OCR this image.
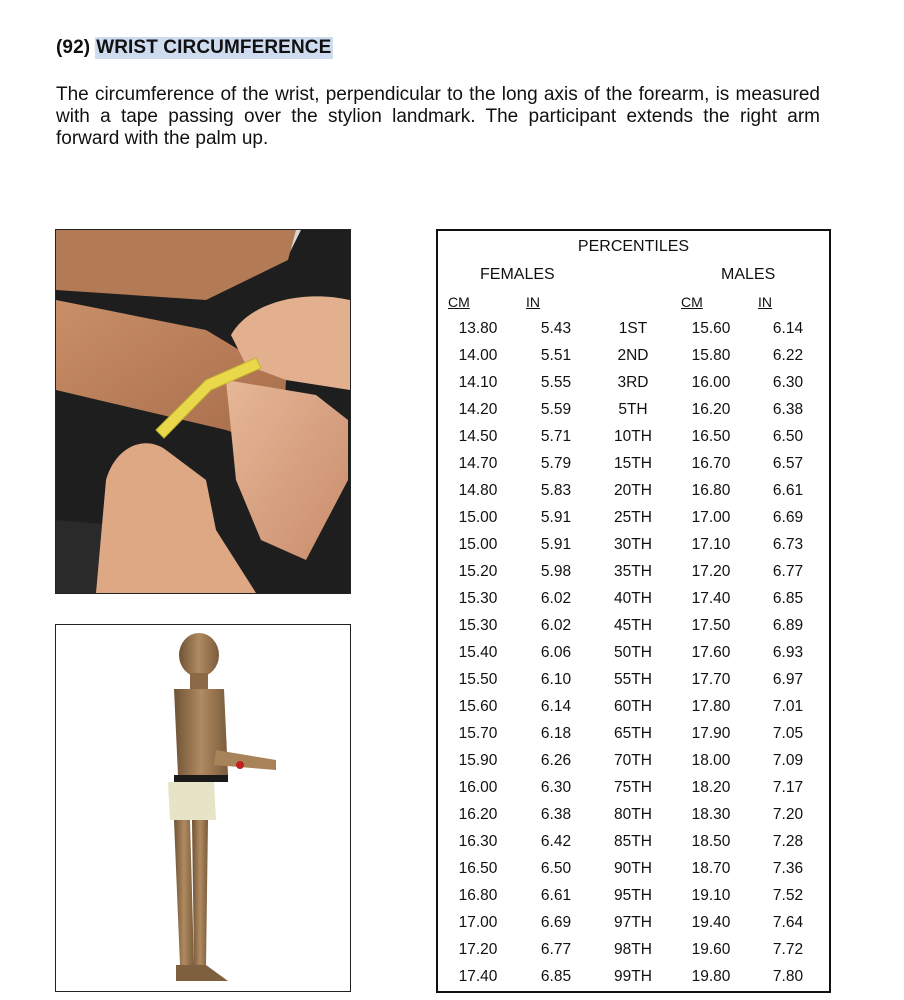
(92) WRIST CIRCUMFERENCE
The circumference of the wrist, perpendicular to the long axis of the forearm, is measured with a tape passing over the stylion landmark. The participant extends the right arm forward with the palm up.
PERCENTILES
FEMALES	MALES
CM	IN	CM	IN
13.80	5.43	1ST	15.60	6.14
14.00	5.51	2ND	15.80	6.22
14.10	5.55	3RD	16.00	6.30
14.20	5.59	5TH	16.20	6.38
14.50	5.71	10TH	16.50	6.50
14.70	5.79	15TH	16.70	6.57
14.80	5.83	20TH	16.80	6.61
15.00	5.91	25TH	17.00	6.69
15.00	5.91	30TH	17.10	6.73
15.20	5.98	35TH	17.20	6.77
15.30	6.02	40TH	17.40	6.85
15.30	6.02	45TH	17.50	6.89
15.40	6.06	50TH	17.60	6.93
15.50	6.10	55TH	17.70	6.97
15.60	6.14	60TH	17.80	7.01
15.70	6.18	65TH	17.90	7.05
15.90	6.26	70TH	18.00	7.09
16.00	6.30	75TH	18.20	7.17
16.20	6.38	80TH	18.30	7.20
16.30	6.42	85TH	18.50	7.28
16.50	6.50	90TH	18.70	7.36
16.80	6.61	95TH	19.10	7.52
17.00	6.69	97TH	19.40	7.64
17.20	6.77	98TH	19.60	7.72
17.40	6.85	99TH	19.80	7.80
